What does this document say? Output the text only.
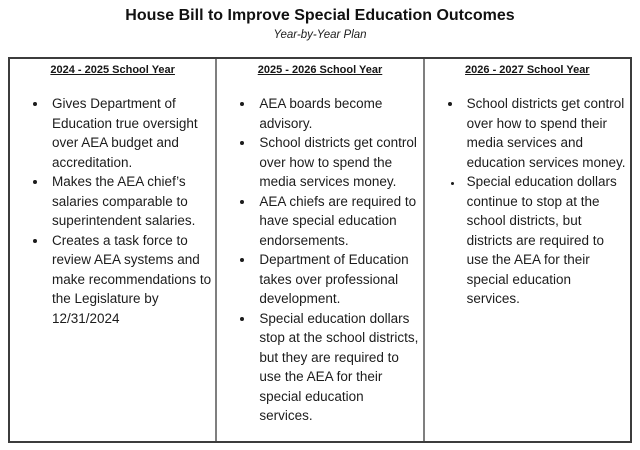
House Bill to Improve Special Education Outcomes
Year-by-Year Plan
2024 - 2025 School Year
• Gives Department of Education true oversight over AEA budget and accreditation.
• Makes the AEA chief’s salaries comparable to superintendent salaries.
• Creates a task force to review AEA systems and make recommendations to the Legislature by 12/31/2024
2025 - 2026 School Year
• AEA boards become advisory.
• School districts get control over how to spend the media services money.
• AEA chiefs are required to have special education endorsements.
• Department of Education takes over professional development.
• Special education dollars stop at the school districts, but they are required to use the AEA for their special education services.
2026 - 2027 School Year
• School districts get control over how to spend their media services and education services money.
• Special education dollars continue to stop at the school districts, but districts are required to use the AEA for their special education services.
